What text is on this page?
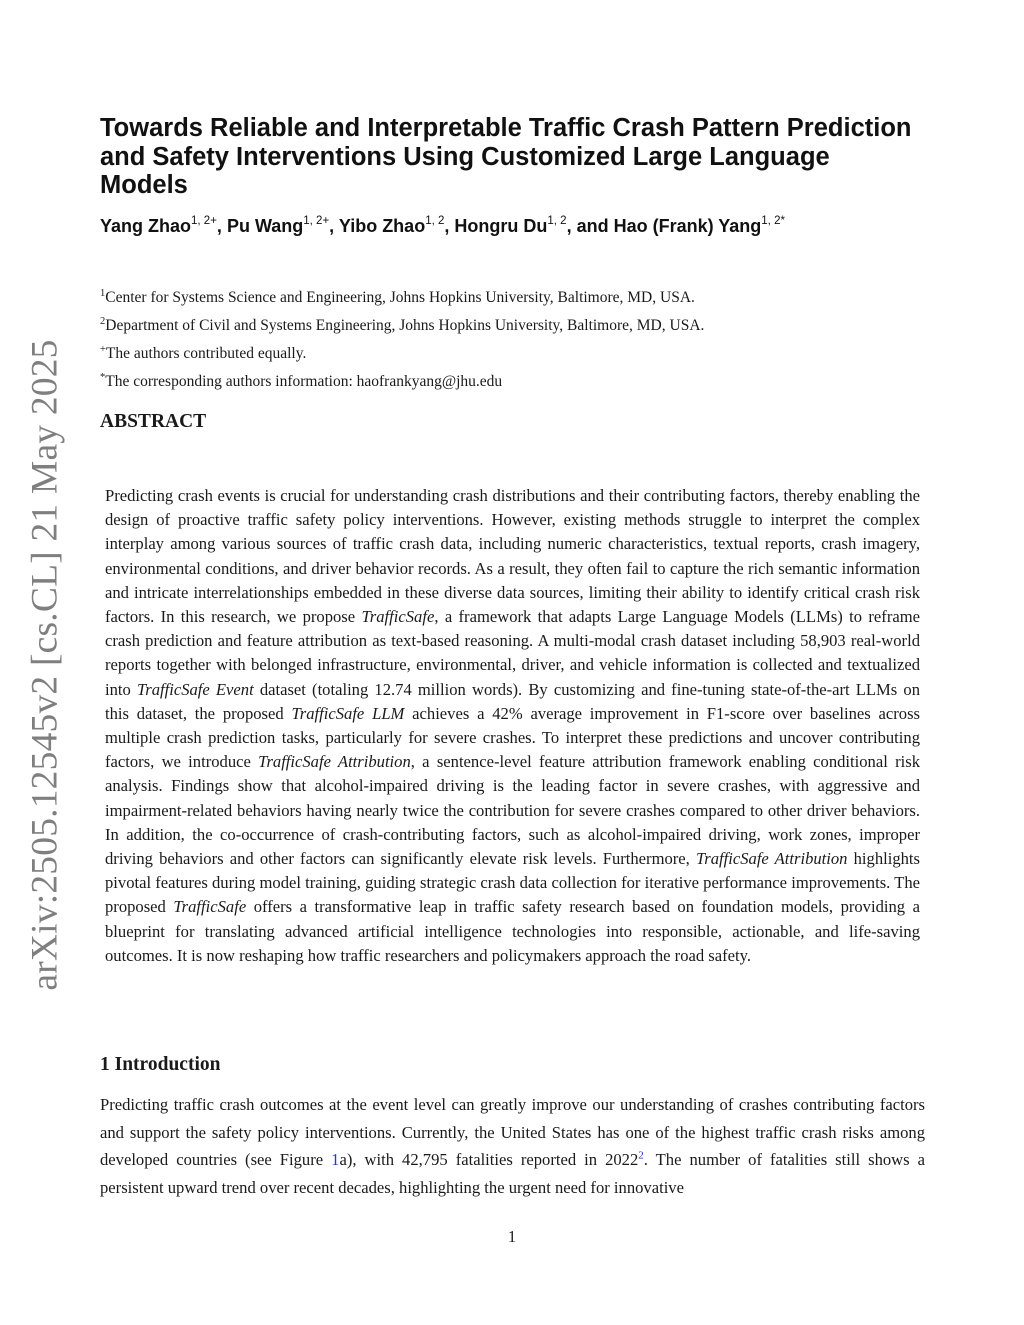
arXiv:2505.12545v2 [cs.CL] 21 May 2025
Towards Reliable and Interpretable Traffic Crash Pattern Prediction and Safety Interventions Using Customized Large Language Models
Yang Zhao$^{1, 2+}$, Pu Wang$^{1, 2+}$, Yibo Zhao$^{1, 2}$, Hongru Du$^{1, 2}$, and Hao (Frank) Yang$^{1, 2*}$
$^1$Center for Systems Science and Engineering, Johns Hopkins University, Baltimore, MD, USA.
$^2$Department of Civil and Systems Engineering, Johns Hopkins University, Baltimore, MD, USA.
+The authors contributed equally.
*The corresponding authors information: haofrankyang@jhu.edu
ABSTRACT

Predicting crash events is crucial for understanding crash distributions and their contributing factors, thereby enabling the design of proactive traffic safety policy interventions. However, existing methods struggle to interpret the complex interplay among various sources of traffic crash data, including numeric characteristics, textual reports, crash imagery, environmental conditions, and driver behavior records. As a result, they often fail to capture the rich semantic information and intricate interrelationships embedded in these diverse data sources, limiting their ability to identify critical crash risk factors. In this research, we propose TrafficSafe, a framework that adapts Large Language Models (LLMs) to reframe crash prediction and feature attribution as text-based reasoning. A multi-modal crash dataset including 58,903 real-world reports together with belonged infrastructure, environmental, driver, and vehicle information is collected and textualized into TrafficSafe Event dataset (totaling 12.74 million words). By customizing and fine-tuning state-of-the-art LLMs on this dataset, the proposed TrafficSafe LLM achieves a 42% average improvement in F1-score over baselines across multiple crash prediction tasks, particularly for severe crashes. To interpret these predictions and uncover contributing factors, we introduce TrafficSafe Attribution, a sentence-level feature attribution framework enabling conditional risk analysis. Findings show that alcohol-impaired driving is the leading factor in severe crashes, with aggressive and impairment-related behaviors having nearly twice the contribution for severe crashes compared to other driver behaviors. In addition, the co-occurrence of crash-contributing factors, such as alcohol-impaired driving, work zones, improper driving behaviors and other factors can significantly elevate risk levels. Furthermore, TrafficSafe Attribution highlights pivotal features during model training, guiding strategic crash data collection for iterative performance improvements. The proposed TrafficSafe offers a transformative leap in traffic safety research based on foundation models, providing a blueprint for translating advanced artificial intelligence technologies into responsible, actionable, and life-saving outcomes. It is now reshaping how traffic researchers and policymakers approach the road safety.

1 Introduction

Predicting traffic crash outcomes at the event level can greatly improve our understanding of crashes contributing factors and support the safety policy interventions. Currently, the United States has one of the highest traffic crash risks among developed countries (see Figure 1a), with 42,795 fatalities reported in 2022$^2$. The number of fatalities still shows a persistent upward trend over recent decades, highlighting the urgent need for innovative

1
